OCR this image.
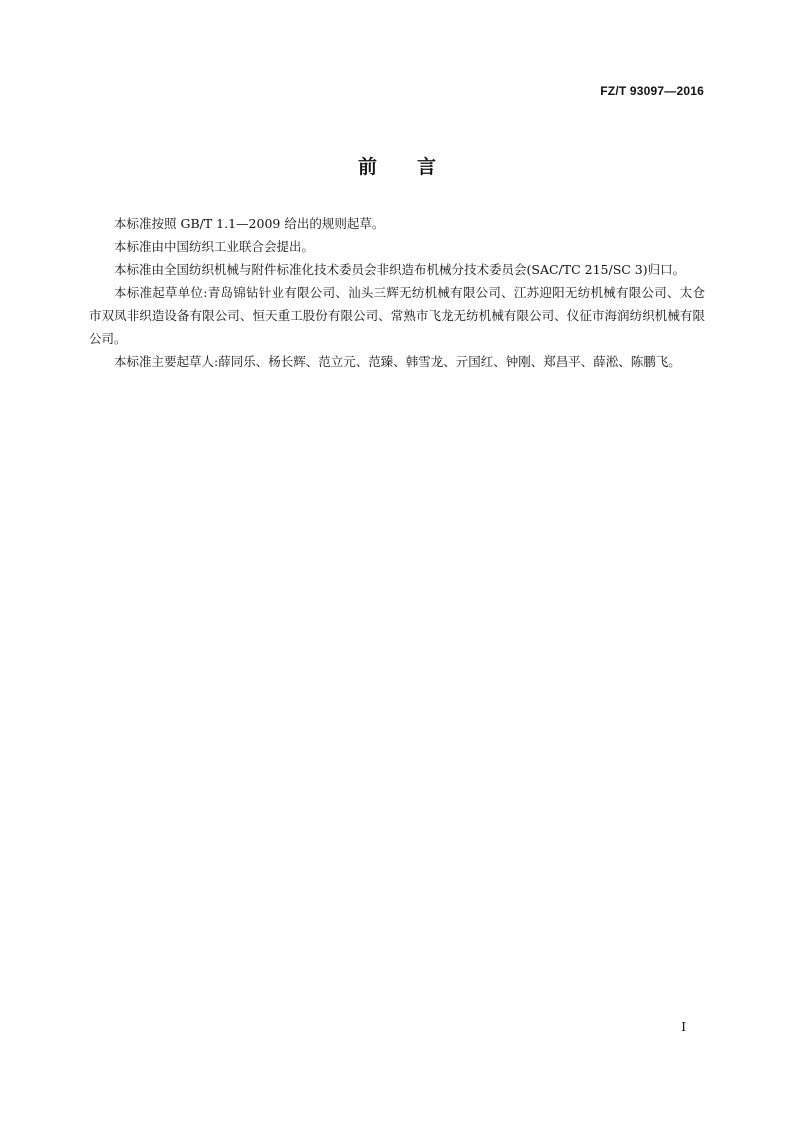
FZ/T 93097—2016
前 言

本标准按照 GB/T 1.1—2009 给出的规则起草。

本标准由中国纺织工业联合会提出。

本标准由全国纺织机械与附件标准化技术委员会非织造布机械分技术委员会(SAC/TC 215/SC 3)归口。

本标准起草单位:青岛锦钻针业有限公司、汕头三辉无纺机械有限公司、江苏迎阳无纺机械有限公司、太仓市双凤非织造设备有限公司、恒天重工股份有限公司、常熟市飞龙无纺机械有限公司、仪征市海润纺织机械有限公司。

本标准主要起草人:薛同乐、杨长辉、范立元、范臻、韩雪龙、亓国红、钟刚、郑昌平、薛淞、陈鹏飞。

I
